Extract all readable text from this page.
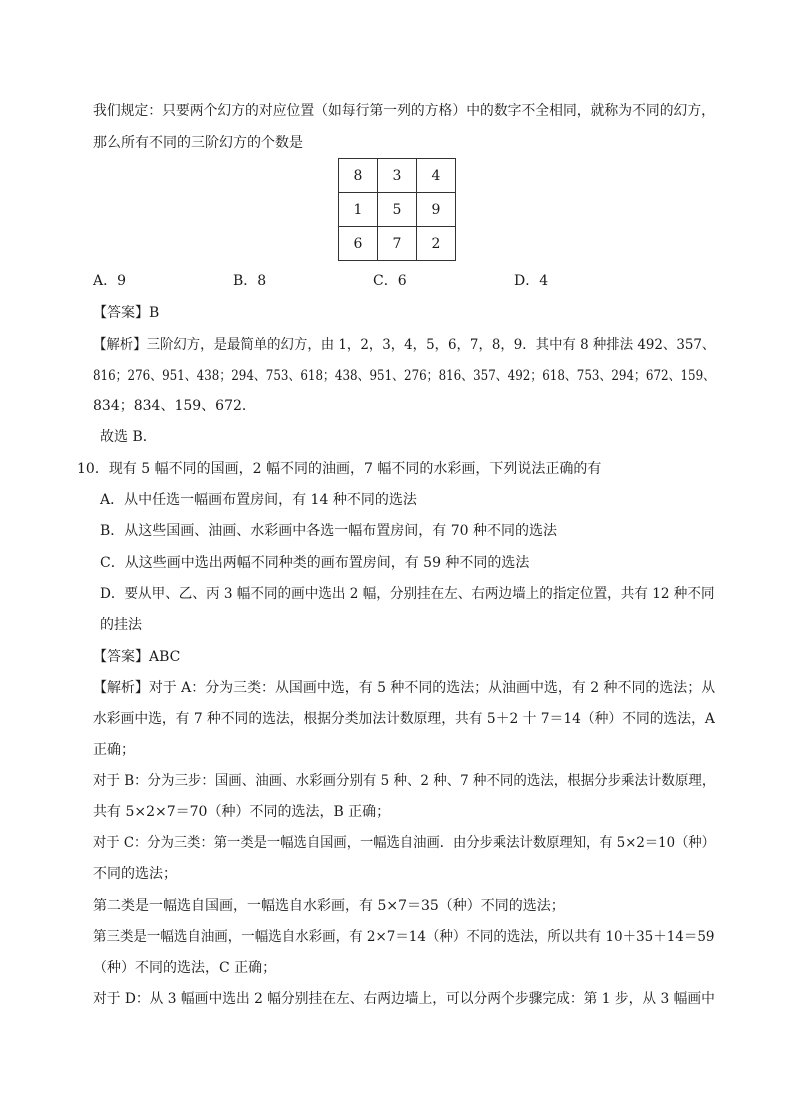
我们规定：只要两个幻方的对应位置（如每行第一列的方格）中的数字不全相同，就称为不同的幻方，
那么所有不同的三阶幻方的个数是
8	3	4
1	5	9
6	7	2
A．9	B．8	C．6	D．4
【答案】B
【解析】三阶幻方，是最简单的幻方，由 1，2，3，4，5，6，7，8，9．其中有 8 种排法 492、357、
816；276、951、438；294、753、618；438、951、276；816、357、492；618、753、294；672、159、
834；834、159、672．
故选 B．
10．现有 5 幅不同的国画，2 幅不同的油画，7 幅不同的水彩画，下列说法正确的有
A．从中任选一幅画布置房间，有 14 种不同的选法
B．从这些国画、油画、水彩画中各选一幅布置房间，有 70 种不同的选法
C．从这些画中选出两幅不同种类的画布置房间，有 59 种不同的选法
D．要从甲、乙、丙 3 幅不同的画中选出 2 幅，分别挂在左、右两边墙上的指定位置，共有 12 种不同
的挂法
【答案】ABC
【解析】对于 A：分为三类：从国画中选，有 5 种不同的选法；从油画中选，有 2 种不同的选法；从
水彩画中选，有 7 种不同的选法，根据分类加法计数原理，共有 5＋2 十 7＝14（种）不同的选法，A
正确；
对于 B：分为三步：国画、油画、水彩画分别有 5 种、2 种、7 种不同的选法，根据分步乘法计数原理，
共有 5×2×7＝70（种）不同的选法，B 正确；
对于 C：分为三类：第一类是一幅选自国画，一幅选自油画．由分步乘法计数原理知，有 5×2＝10（种）
不同的选法；
第二类是一幅选自国画，一幅选自水彩画，有 5×7＝35（种）不同的选法；
第三类是一幅选自油画，一幅选自水彩画，有 2×7＝14（种）不同的选法，所以共有 10＋35＋14＝59
（种）不同的选法，C 正确；
对于 D：从 3 幅画中选出 2 幅分别挂在左、右两边墙上，可以分两个步骤完成：第 1 步，从 3 幅画中
